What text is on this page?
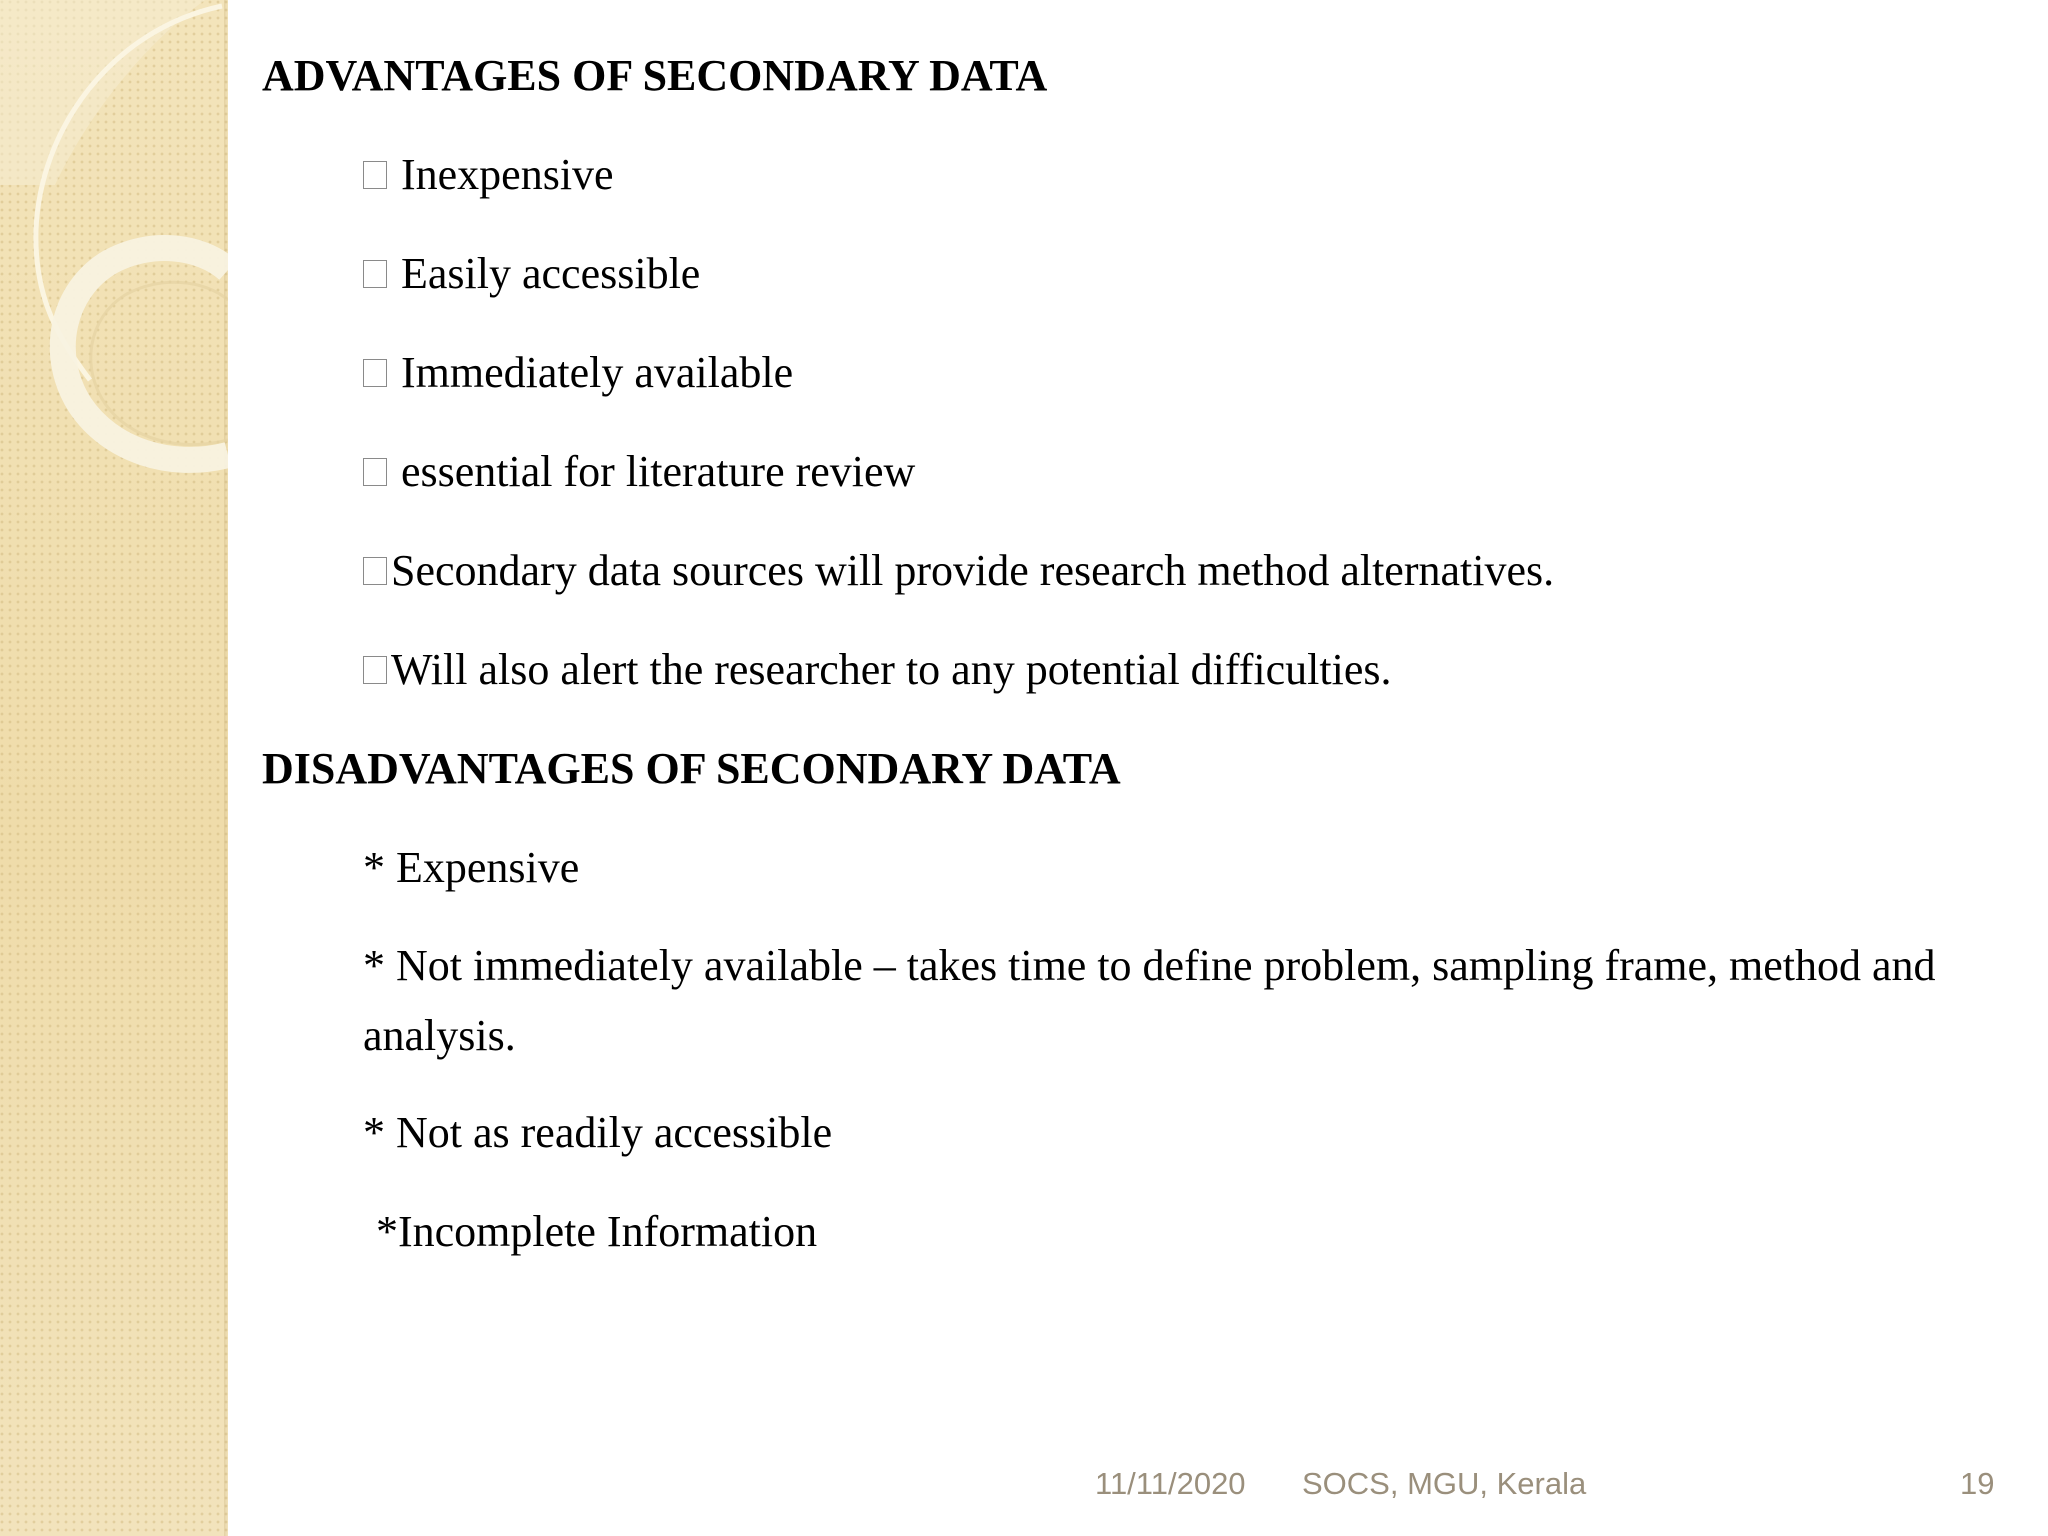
ADVANTAGES OF SECONDARY DATA
Inexpensive
Easily accessible
Immediately available
essential for literature review
Secondary data sources will provide research method alternatives.
Will also alert the researcher to any potential difficulties.
DISADVANTAGES OF SECONDARY DATA
* Expensive
* Not immediately available – takes time to define problem, sampling frame, method and analysis.
* Not as readily accessible
*Incomplete Information
11/11/2020 SOCS, MGU, Kerala	19
